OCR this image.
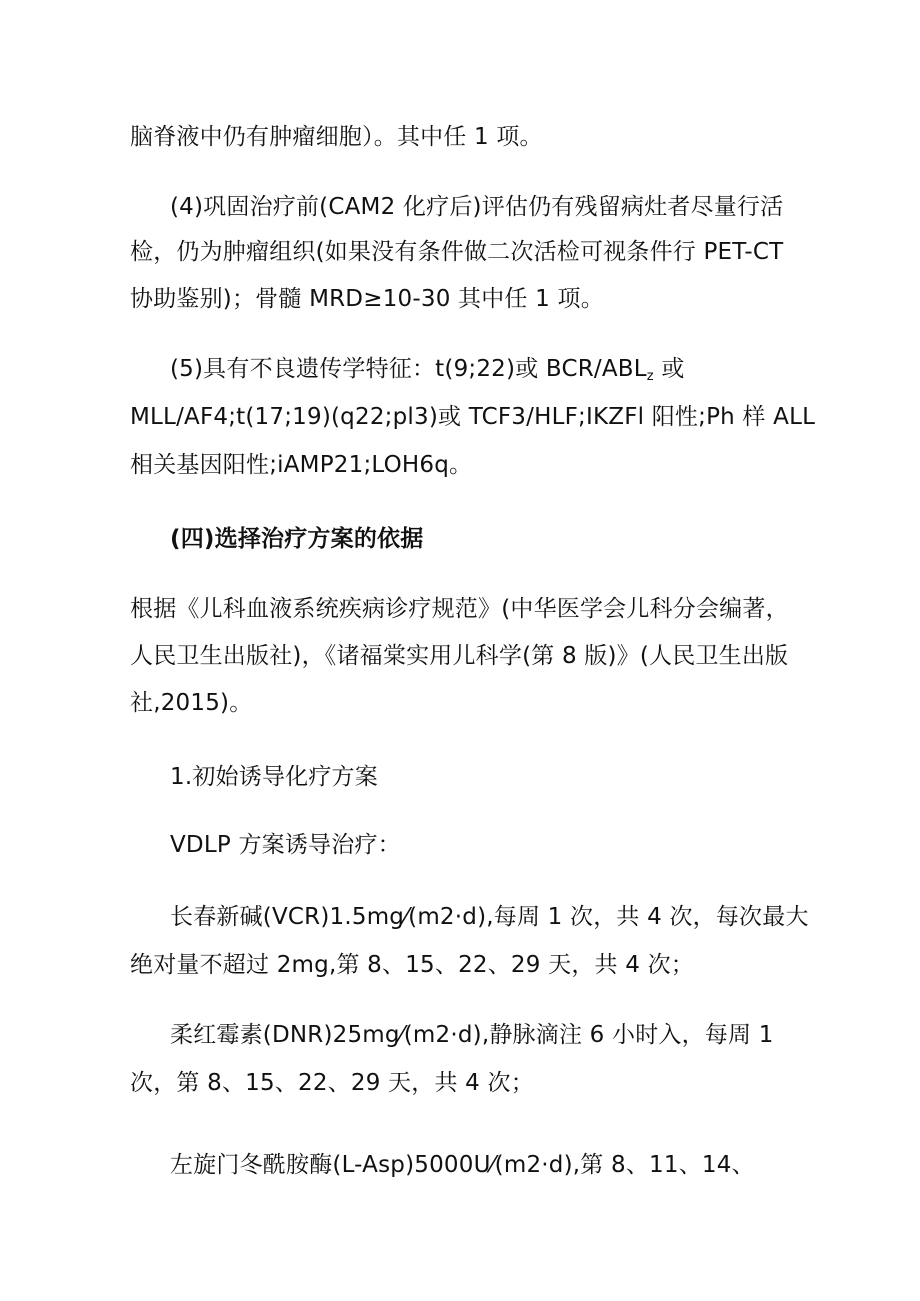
脑脊液中仍有肿瘤细胞）。其中任 1 项。
(4)巩固治疗前(CAM2 化疗后)评估仍有残留病灶者尽量行活
检，仍为肿瘤组织(如果没有条件做二次活检可视条件行 PET-CT
协助鉴别)；骨髓 MRD≥10-30 其中任 1 项。
(5)具有不良遗传学特征：t(9;22)或 BCR/$ABL_z$ 或
MLL/AF4;t(17;19)(q22;pl3)或 TCF3/HLF;IKZFl 阳性;Ph 样 ALL
相关基因阳性;iAMP21;LOH6q。
(四)选择治疗方案的依据
根据《儿科血液系统疾病诊疗规范》(中华医学会儿科分会编著，
人民卫生出版社)，《诸福棠实用儿科学(第 8 版)》(人民卫生出版
社,2015)。
1.初始诱导化疗方案
VDLP 方案诱导治疗：
长春新碱(VCR)1.5mg⁄(m2·d),每周 1 次，共 4 次，每次最大
绝对量不超过 2mg,第 8、15、22、29 天，共 4 次；
柔红霉素(DNR)25mg⁄(m2·d),静脉滴注 6 小时入，每周 1
次，第 8、15、22、29 天，共 4 次；
左旋门冬酰胺酶(L-Asp)5000U⁄(m2·d),第 8、11、14、
